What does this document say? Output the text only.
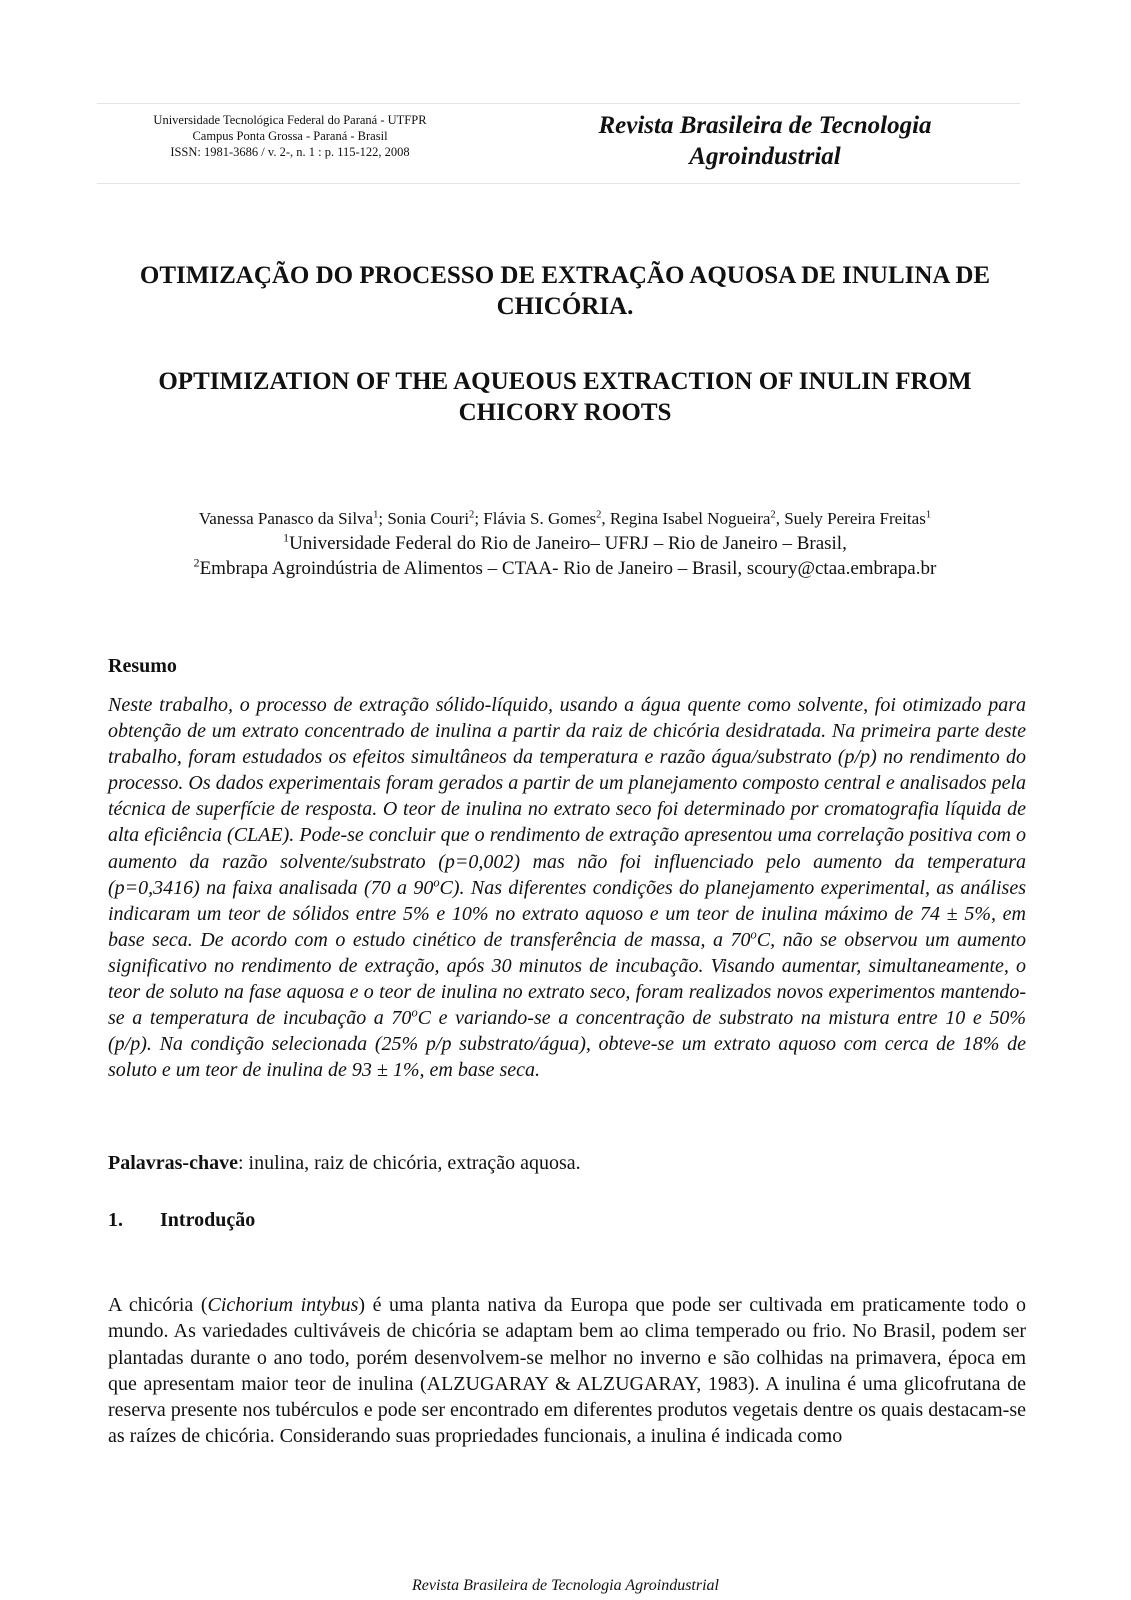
Universidade Tecnológica Federal do Paraná - UTFPR
Campus Ponta Grossa - Paraná - Brasil
ISSN: 1981-3686 / v. 2-, n. 1 : p. 115-122, 2008
Revista Brasileira de Tecnologia
Agroindustrial
OTIMIZAÇÃO DO PROCESSO DE EXTRAÇÃO AQUOSA DE INULINA DE
CHICÓRIA.
OPTIMIZATION OF THE AQUEOUS EXTRACTION OF INULIN FROM
CHICORY ROOTS
Vanessa Panasco da Silva$^1$; Sonia Couri$^2$; Flávia S. Gomes$^2$, Regina Isabel Nogueira$^2$, Suely Pereira Freitas$^1$
$^1$Universidade Federal do Rio de Janeiro– UFRJ – Rio de Janeiro – Brasil,
$^2$Embrapa Agroindústria de Alimentos – CTAA- Rio de Janeiro – Brasil, scoury@ctaa.embrapa.br
Resumo
Neste trabalho, o processo de extração sólido-líquido, usando a água quente como solvente, foi otimizado para obtenção de um extrato concentrado de inulina a partir da raiz de chicória desidratada. Na primeira parte deste trabalho, foram estudados os efeitos simultâneos da temperatura e razão água/substrato (p/p) no rendimento do processo. Os dados experimentais foram gerados a partir de um planejamento composto central e analisados pela técnica de superfície de resposta. O teor de inulina no extrato seco foi determinado por cromatografia líquida de alta eficiência (CLAE). Pode-se concluir que o rendimento de extração apresentou uma correlação positiva com o aumento da razão solvente/substrato (p=0,002) mas não foi influenciado pelo aumento da temperatura (p=0,3416) na faixa analisada (70 a 90$^o$C). Nas diferentes condições do planejamento experimental, as análises indicaram um teor de sólidos entre 5% e 10% no extrato aquoso e um teor de inulina máximo de 74 ± 5%, em base seca. De acordo com o estudo cinético de transferência de massa, a 70$^o$C, não se observou um aumento significativo no rendimento de extração, após 30 minutos de incubação. Visando aumentar, simultaneamente, o teor de soluto na fase aquosa e o teor de inulina no extrato seco, foram realizados novos experimentos mantendo-se a temperatura de incubação a 70$^o$C e variando-se a concentração de substrato na mistura entre 10 e 50% (p/p). Na condição selecionada (25% p/p substrato/água), obteve-se um extrato aquoso com cerca de 18% de soluto e um teor de inulina de 93 ± 1%, em base seca.
Palavras-chave: inulina, raiz de chicória, extração aquosa.
1. Introdução
A chicória (Cichorium intybus) é uma planta nativa da Europa que pode ser cultivada em praticamente todo o mundo. As variedades cultiváveis de chicória se adaptam bem ao clima temperado ou frio. No Brasil, podem ser plantadas durante o ano todo, porém desenvolvem-se melhor no inverno e são colhidas na primavera, época em que apresentam maior teor de inulina (ALZUGARAY & ALZUGARAY, 1983). A inulina é uma glicofrutana de reserva presente nos tubérculos e pode ser encontrado em diferentes produtos vegetais dentre os quais destacam-se as raízes de chicória. Considerando suas propriedades funcionais, a inulina é indicada como
Revista Brasileira de Tecnologia Agroindustrial
